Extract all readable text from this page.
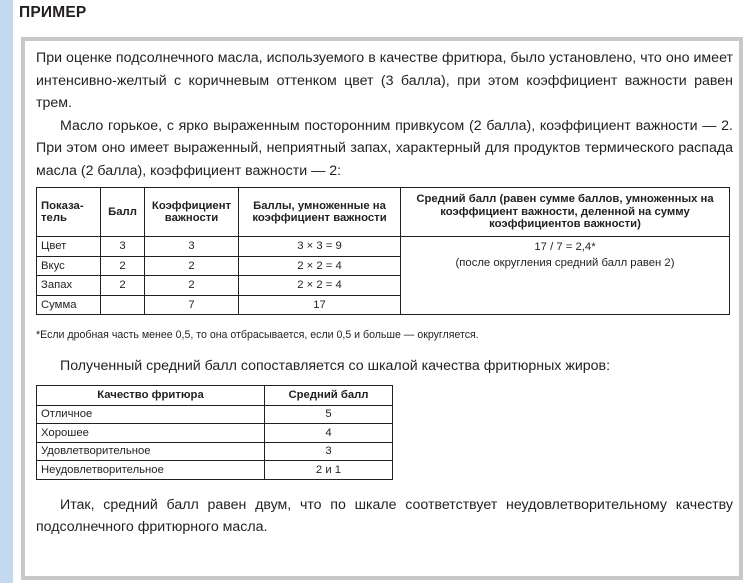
ПРИМЕР

При оценке подсолнечного масла, используемого в качестве фритюра, было установлено, что оно имеет интенсивно-желтый с коричневым оттенком цвет (3 балла), при этом коэффициент важности равен трем.

Масло горькое, с ярко выраженным посторонним привкусом (2 балла), коэффициент важности — 2. При этом оно имеет выраженный, неприятный запах, характерный для продуктов термического распада масла (2 балла), коэффициент важности — 2:

Показа-тель	Балл	Коэффициент важности	Баллы, умноженные на коэффициент важности	Средний балл (равен сумме баллов, умноженных на коэффициент важности, деленной на сумму коэффициентов важности)
Цвет	3	3	3 × 3 = 9	17 / 7 = 2,4*
(после округления средний балл равен 2)

Вкус	2	2	2 × 2 = 4	
Запах	2	2	2 × 2 = 4	
Сумма		7	17	
*Если дробная часть менее 0,5, то она отбрасывается, если 0,5 и больше — округляется.

Полученный средний балл сопоставляется со шкалой качества фритюрных жиров:

Качество фритюра	Средний балл
Отличное	5
Хорошее	4
Удовлетворительное	3
Неудовлетворительное	2 и 1

Итак, средний балл равен двум, что по шкале соответствует неудовлетворительному качеству подсолнечного фритюрного масла.
